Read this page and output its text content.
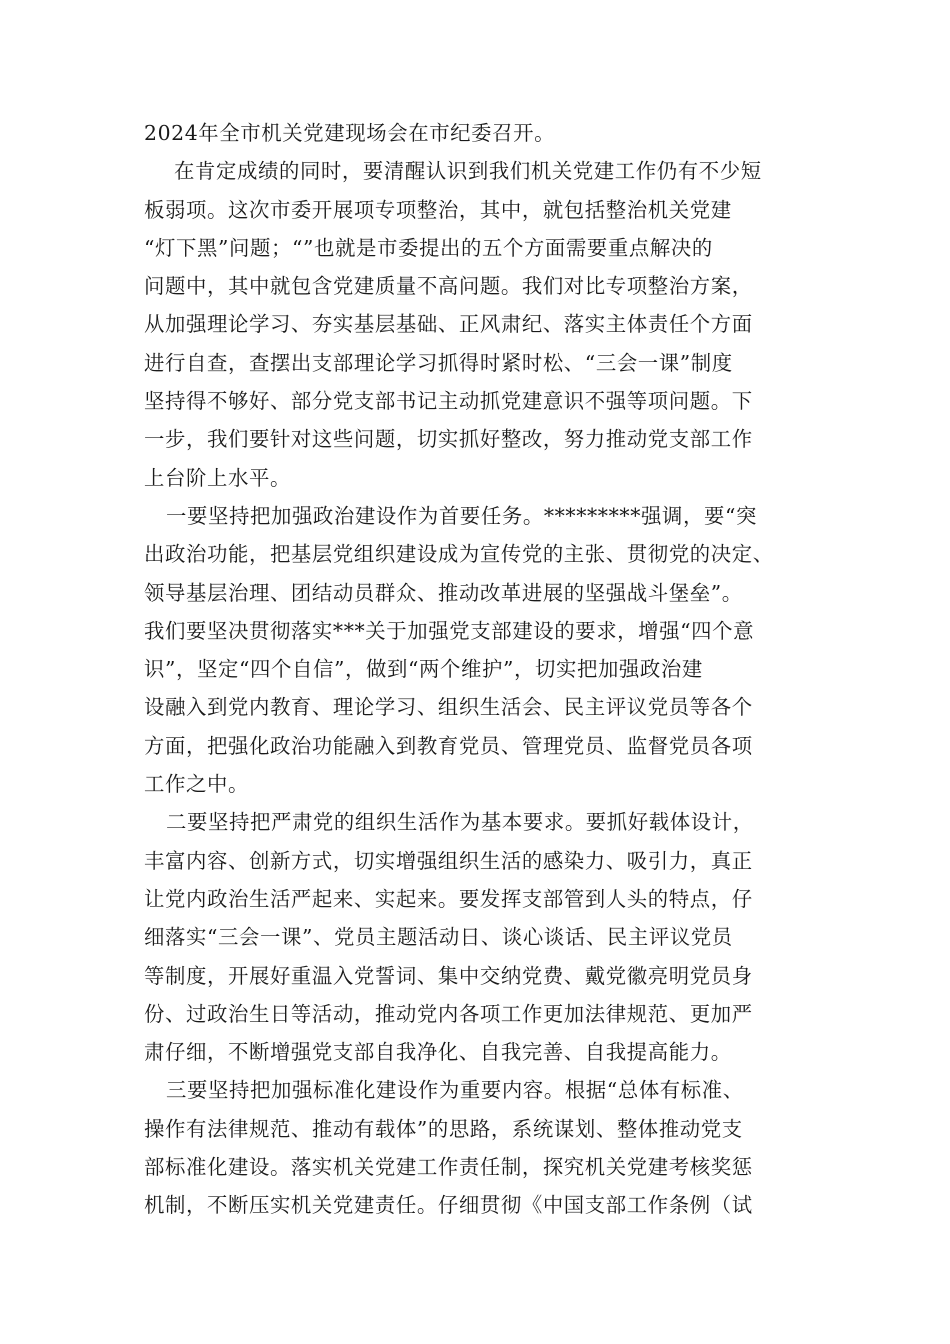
2024年全市机关党建现场会在市纪委召开。
在肯定成绩的同时，要清醒认识到我们机关党建工作仍有不少短
板弱项。这次市委开展项专项整治，其中，就包括整治机关党建
“灯下黑”问题；“”也就是市委提出的五个方面需要重点解决的
问题中，其中就包含党建质量不高问题。我们对比专项整治方案，
从加强理论学习、夯实基层基础、正风肃纪、落实主体责任个方面
进行自查，查摆出支部理论学习抓得时紧时松、“三会一课”制度
坚持得不够好、部分党支部书记主动抓党建意识不强等项问题。下
一步，我们要针对这些问题，切实抓好整改，努力推动党支部工作
上台阶上水平。
一要坚持把加强政治建设作为首要任务。*********强调，要“突
出政治功能，把基层党组织建设成为宣传党的主张、贯彻党的决定、
领导基层治理、团结动员群众、推动改革进展的坚强战斗堡垒”。
我们要坚决贯彻落实***关于加强党支部建设的要求，增强“四个意
识”，坚定“四个自信”，做到“两个维护”，切实把加强政治建
设融入到党内教育、理论学习、组织生活会、民主评议党员等各个
方面，把强化政治功能融入到教育党员、管理党员、监督党员各项
工作之中。
二要坚持把严肃党的组织生活作为基本要求。要抓好载体设计，
丰富内容、创新方式，切实增强组织生活的感染力、吸引力，真正
让党内政治生活严起来、实起来。要发挥支部管到人头的特点，仔
细落实“三会一课”、党员主题活动日、谈心谈话、民主评议党员
等制度，开展好重温入党誓词、集中交纳党费、戴党徽亮明党员身
份、过政治生日等活动，推动党内各项工作更加法律规范、更加严
肃仔细，不断增强党支部自我净化、自我完善、自我提高能力。
三要坚持把加强标准化建设作为重要内容。根据“总体有标准、
操作有法律规范、推动有载体”的思路，系统谋划、整体推动党支
部标准化建设。落实机关党建工作责任制，探究机关党建考核奖惩
机制，不断压实机关党建责任。仔细贯彻《中国支部工作条例（试
